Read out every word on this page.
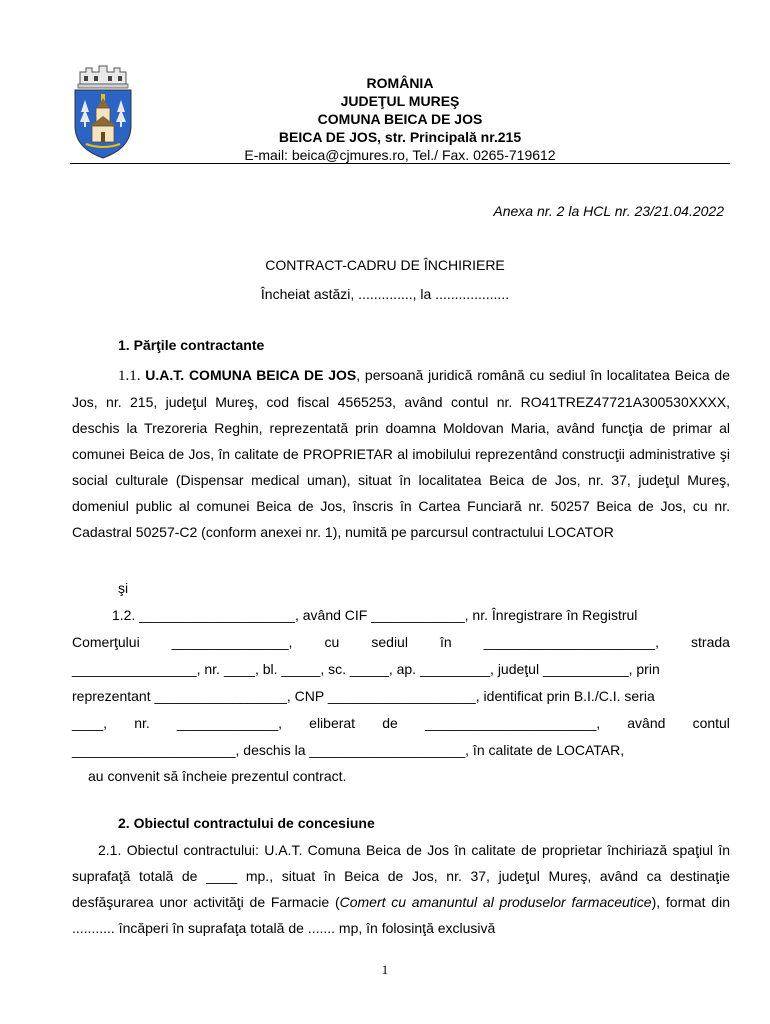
ROMÂNIA
JUDEŢUL MUREŞ
COMUNA BEICA DE JOS
BEICA DE JOS, str. Principală nr.215
E-mail: beica@cjmures.ro, Tel./ Fax. 0265-719612
Anexa nr. 2 la HCL nr. 23/21.04.2022
CONTRACT-CADRU DE ÎNCHIRIERE
Încheiat astăzi, .............., la ...................
1. Părţile contractante
1.1. U.A.T. COMUNA BEICA DE JOS, persoană juridică română cu sediul în localitatea Beica de Jos, nr. 215, judeţul Mureş, cod fiscal 4565253, având contul nr. RO41TREZ47721A300530XXXX, deschis la Trezoreria Reghin, reprezentată prin doamna Moldovan Maria, având funcţia de primar al comunei Beica de Jos, în calitate de PROPRIETAR al imobilului reprezentând construcţii administrative şi social culturale (Dispensar medical uman), situat în localitatea Beica de Jos, nr. 37, judeţul Mureş, domeniul public al comunei Beica de Jos, înscris în Cartea Funciară nr. 50257 Beica de Jos, cu nr. Cadastral 50257-C2 (conform anexei nr. 1), numită pe parcursul contractului LOCATOR
şi
1.2. ____________________, având CIF ____________, nr. Înregistrare în Registrul
Comerţului _______________, cu sediul în ______________________, strada
________________, nr. ____, bl. _____, sc. _____, ap. _________, judeţul ___________, prin
reprezentant _________________, CNP ___________________, identificat prin B.I./C.I. seria
____, nr. _____________, eliberat de ______________________, având contul
_____________________, deschis la ____________________, în calitate de LOCATAR,
au convenit să încheie prezentul contract.
2. Obiectul contractului de concesiune
2.1. Obiectul contractului: U.A.T. Comuna Beica de Jos în calitate de proprietar închiriază spaţiul în suprafaţă totală de ____ mp., situat în Beica de Jos, nr. 37, judeţul Mureş, având ca destinaţie desfăşurarea unor activităţi de Farmacie (Comert cu amanuntul al produselor farmaceutice), format din ........... încăperi în suprafaţa totală de ....... mp, în folosinţă exclusivă
1
